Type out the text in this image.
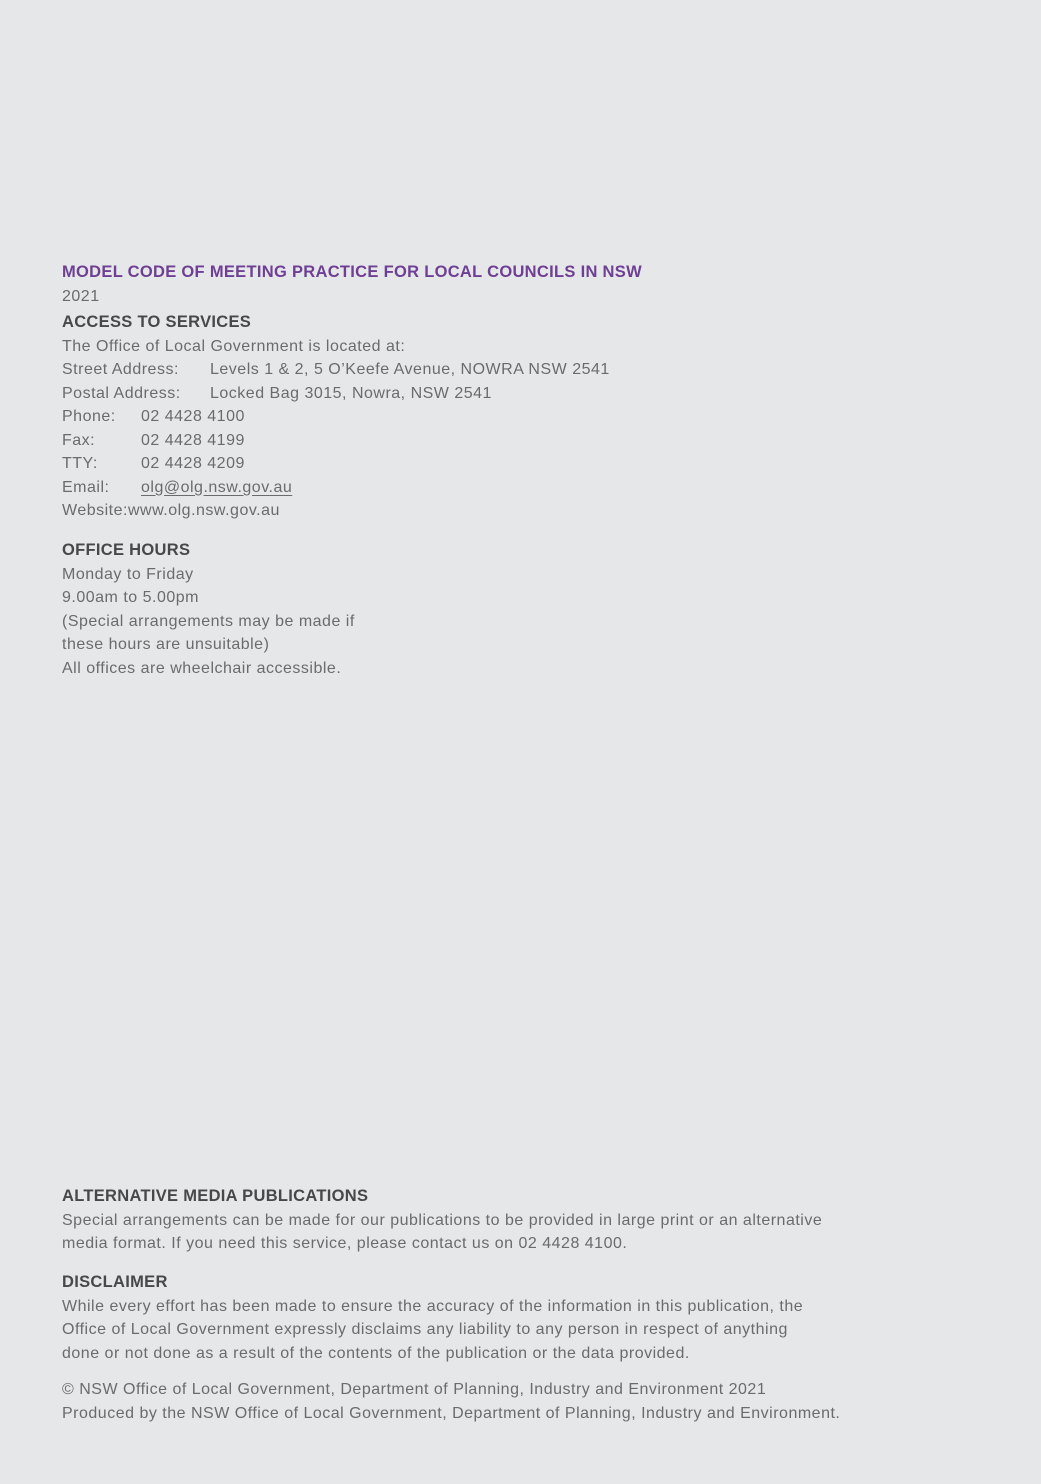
MODEL CODE OF MEETING PRACTICE FOR LOCAL COUNCILS IN NSW
2021
ACCESS TO SERVICES
The Office of Local Government is located at:
Street Address: Levels 1 & 2, 5 O’Keefe Avenue, NOWRA NSW 2541
Postal Address: Locked Bag 3015, Nowra, NSW 2541
Phone: 02 4428 4100
Fax:	02 4428 4199
TTY:	02 4428 4209
Email: olg@olg.nsw.gov.au
Website:www.olg.nsw.gov.au
OFFICE HOURS
Monday to Friday
9.00am to 5.00pm
(Special arrangements may be made if
these hours are unsuitable)
All offices are wheelchair accessible.
ALTERNATIVE MEDIA PUBLICATIONS
Special arrangements can be made for our publications to be provided in large print or an alternative
media format. If you need this service, please contact us on 02 4428 4100.
DISCLAIMER
While every effort has been made to ensure the accuracy of the information in this publication, the
Office of Local Government expressly disclaims any liability to any person in respect of anything
done or not done as a result of the contents of the publication or the data provided.
© NSW Office of Local Government, Department of Planning, Industry and Environment 2021
Produced by the NSW Office of Local Government, Department of Planning, Industry and Environment.
